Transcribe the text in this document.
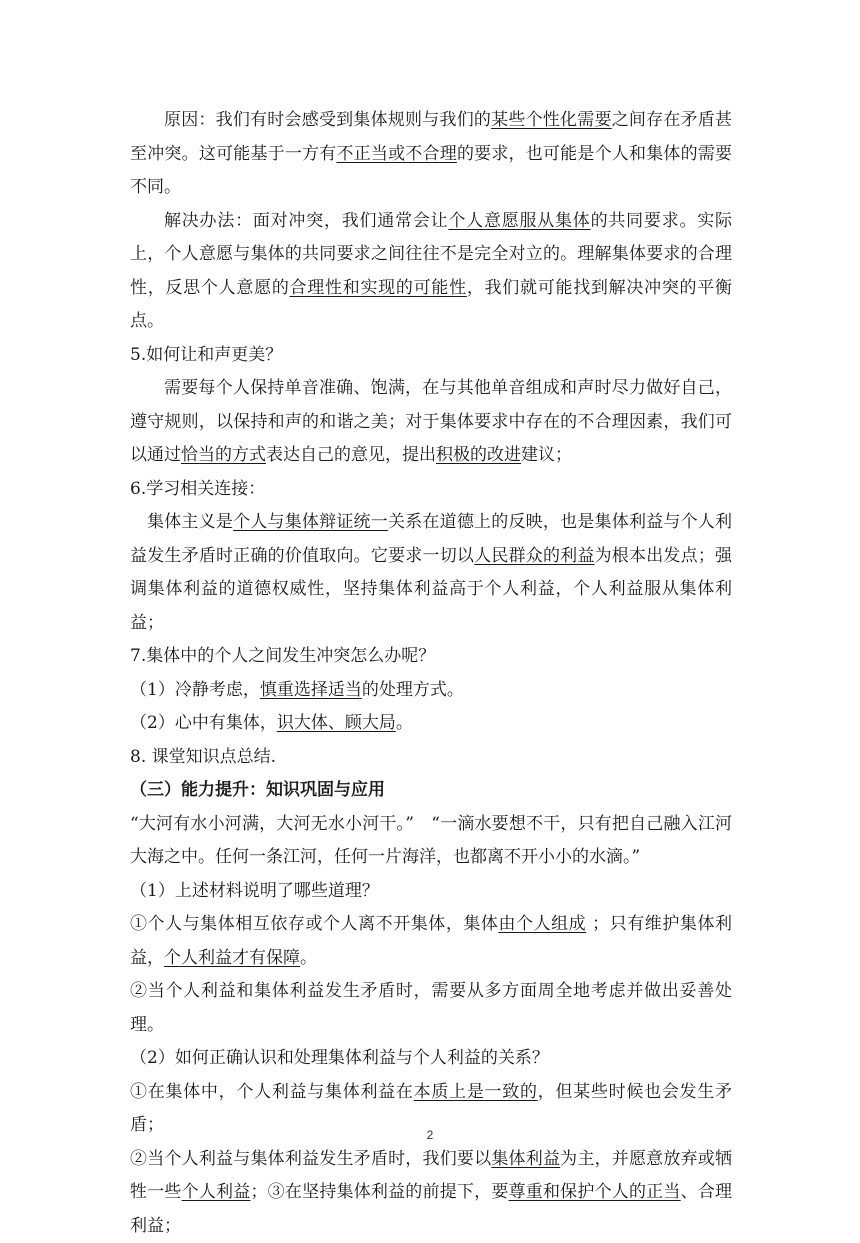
原因：我们有时会感受到集体规则与我们的某些个性化需要之间存在矛盾甚至冲突。这可能基于一方有不正当或不合理的要求，也可能是个人和集体的需要不同。

解决办法：面对冲突，我们通常会让个人意愿服从集体的共同要求。实际上，个人意愿与集体的共同要求之间往往不是完全对立的。理解集体要求的合理性，反思个人意愿的合理性和实现的可能性，我们就可能找到解决冲突的平衡点。

5.如何让和声更美？

需要每个人保持单音准确、饱满，在与其他单音组成和声时尽力做好自己，遵守规则，以保持和声的和谐之美；对于集体要求中存在的不合理因素，我们可以通过恰当的方式表达自己的意见，提出积极的改进建议；

6.学习相关连接：

集体主义是个人与集体辩证统一关系在道德上的反映，也是集体利益与个人利益发生矛盾时正确的价值取向。它要求一切以人民群众的利益为根本出发点；强调集体利益的道德权威性，坚持集体利益高于个人利益，个人利益服从集体利益；

7.集体中的个人之间发生冲突怎么办呢？

（1）冷静考虑，慎重选择适当的处理方式。

（2）心中有集体，识大体、顾大局。

8. 课堂知识点总结.

（三）能力提升：知识巩固与应用

“大河有水小河满，大河无水小河干。”　“一滴水要想不干，只有把自己融入江河大海之中。任何一条江河，任何一片海洋，也都离不开小小的水滴。”

（1）上述材料说明了哪些道理？

①个人与集体相互依存或个人离不开集体，集体由个人组成 ；只有维护集体利益，个人利益才有保障。

②当个人利益和集体利益发生矛盾时，需要从多方面周全地考虑并做出妥善处理。

（2）如何正确认识和处理集体利益与个人利益的关系？

①在集体中，个人利益与集体利益在本质上是一致的，但某些时候也会发生矛盾；

②当个人利益与集体利益发生矛盾时，我们要以集体利益为主，并愿意放弃或牺牲一些个人利益；③在坚持集体利益的前提下，要尊重和保护个人的正当、合理利益；

2
